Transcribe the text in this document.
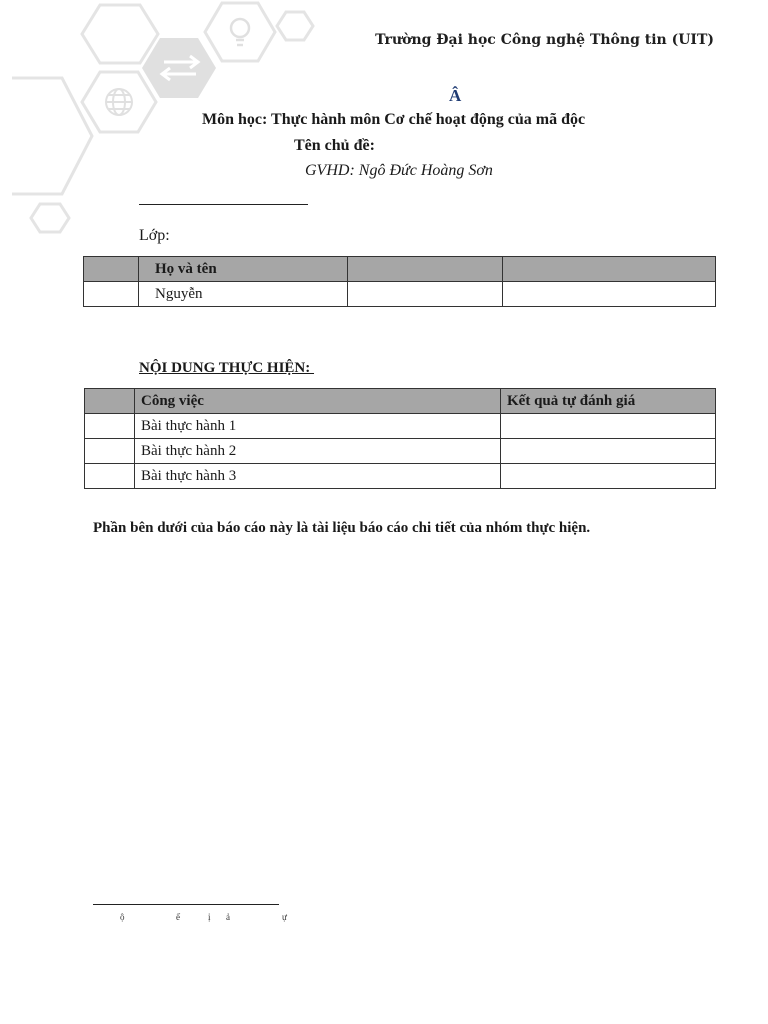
Trường Đại học Công nghệ Thông tin (UIT)
Â
Môn học: Thực hành môn Cơ chế hoạt động của mã độc
Tên chủ đề:
GVHD: Ngô Đức Hoàng Sơn
Lớp:
	Họ và tên		
	Nguyễn		
NỘI DUNG THỰC HIỆN:
	Công việc	Kết quả tự đánh giá
	Bài thực hành 1	
	Bài thực hành 2	
	Bài thực hành 3	
Phần bên dưới của báo cáo này là tài liệu báo cáo chi tiết của nhóm thực hiện.
ộ	ế	ị ả	ự
